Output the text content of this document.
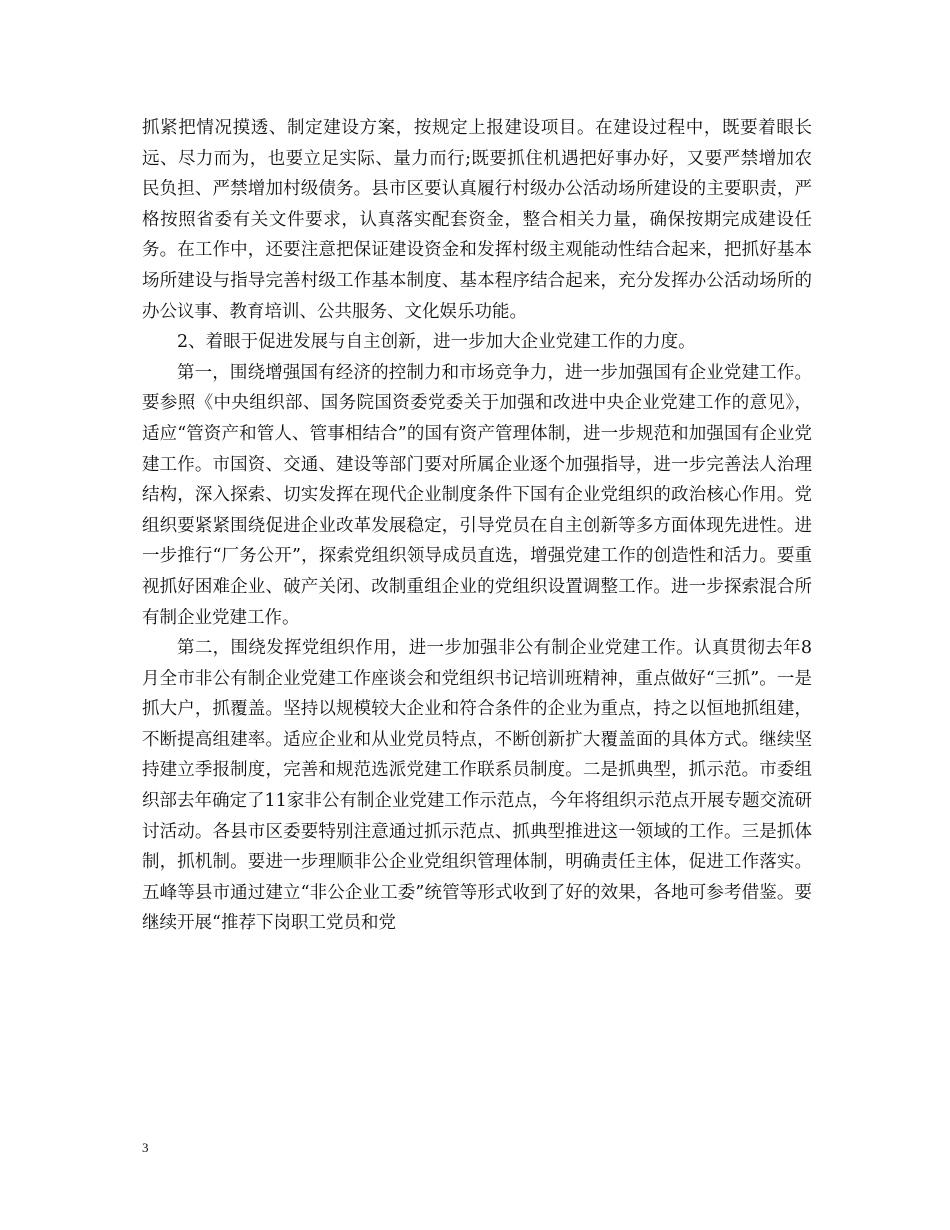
抓紧把情况摸透、制定建设方案，按规定上报建设项目。在建设过程中，既要着眼长远、尽力而为，也要立足实际、量力而行;既要抓住机遇把好事办好，又要严禁增加农民负担、严禁增加村级债务。县市区要认真履行村级办公活动场所建设的主要职责，严格按照省委有关文件要求，认真落实配套资金，整合相关力量，确保按期完成建设任务。在工作中，还要注意把保证建设资金和发挥村级主观能动性结合起来，把抓好基本场所建设与指导完善村级工作基本制度、基本程序结合起来，充分发挥办公活动场所的办公议事、教育培训、公共服务、文化娱乐功能。

2、着眼于促进发展与自主创新，进一步加大企业党建工作的力度。

第一，围绕增强国有经济的控制力和市场竞争力，进一步加强国有企业党建工作。要参照《中央组织部、国务院国资委党委关于加强和改进中央企业党建工作的意见》，适应“管资产和管人、管事相结合”的国有资产管理体制，进一步规范和加强国有企业党建工作。市国资、交通、建设等部门要对所属企业逐个加强指导，进一步完善法人治理结构，深入探索、切实发挥在现代企业制度条件下国有企业党组织的政治核心作用。党组织要紧紧围绕促进企业改革发展稳定，引导党员在自主创新等多方面体现先进性。进一步推行“厂务公开”，探索党组织领导成员直选，增强党建工作的创造性和活力。要重视抓好困难企业、破产关闭、改制重组企业的党组织设置调整工作。进一步探索混合所有制企业党建工作。

第二，围绕发挥党组织作用，进一步加强非公有制企业党建工作。认真贯彻去年8月全市非公有制企业党建工作座谈会和党组织书记培训班精神，重点做好“三抓”。一是抓大户，抓覆盖。坚持以规模较大企业和符合条件的企业为重点，持之以恒地抓组建，不断提高组建率。适应企业和从业党员特点，不断创新扩大覆盖面的具体方式。继续坚持建立季报制度，完善和规范选派党建工作联系员制度。二是抓典型，抓示范。市委组织部去年确定了11家非公有制企业党建工作示范点，今年将组织示范点开展专题交流研讨活动。各县市区委要特别注意通过抓示范点、抓典型推进这一领域的工作。三是抓体制，抓机制。要进一步理顺非公企业党组织管理体制，明确责任主体，促进工作落实。五峰等县市通过建立“非公企业工委”统管等形式收到了好的效果，各地可参考借鉴。要继续开展“推荐下岗职工党员和党

3
